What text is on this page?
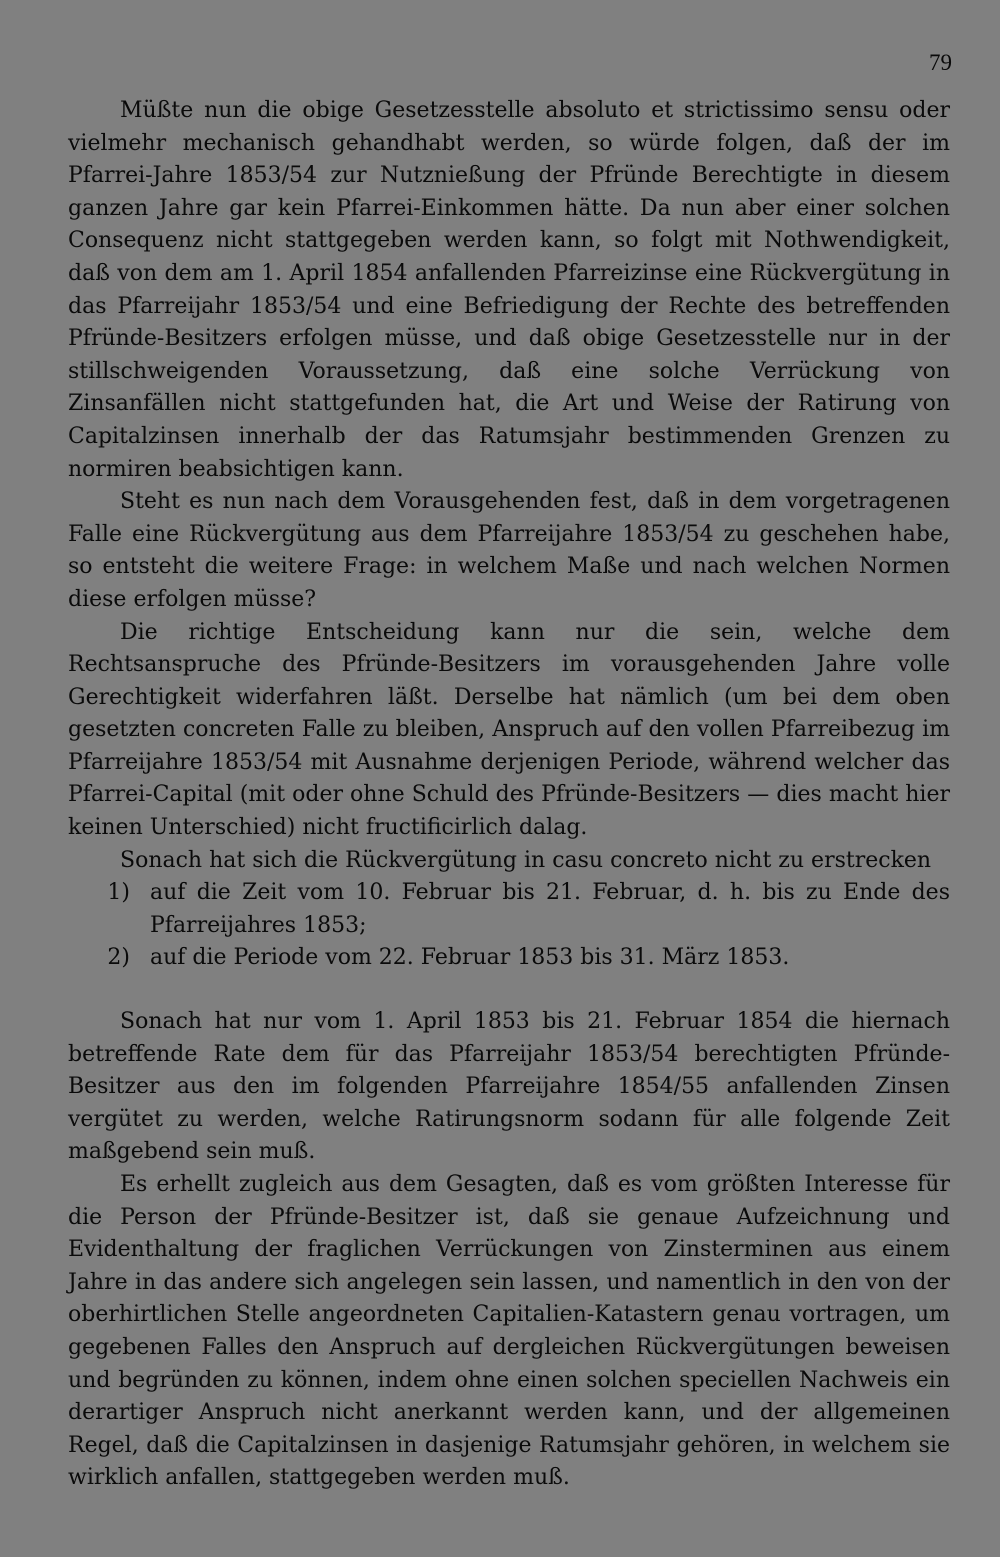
79

Müßte nun die obige Gesetzesstelle absoluto et strictissimo sensu oder vielmehr mechanisch gehandhabt werden, so würde folgen, daß der im Pfarrei-Jahre 1853/54 zur Nutznießung der Pfründe Berechtigte in diesem ganzen Jahre gar kein Pfarrei-Einkommen hätte. Da nun aber einer solchen Consequenz nicht stattgegeben werden kann, so folgt mit Nothwendigkeit, daß von dem am 1. April 1854 anfallenden Pfarreizinse eine Rückvergütung in das Pfarreijahr 1853/54 und eine Befriedigung der Rechte des betreffenden Pfründe-Besitzers erfolgen müsse, und daß obige Gesetzesstelle nur in der stillschweigenden Voraussetzung, daß eine solche Verrückung von Zinsanfällen nicht stattgefunden hat, die Art und Weise der Ratirung von Capitalzinsen innerhalb der das Ratumsjahr bestimmenden Grenzen zu normiren beabsichtigen kann.

Steht es nun nach dem Vorausgehenden fest, daß in dem vorgetragenen Falle eine Rückvergütung aus dem Pfarreijahre 1853/54 zu geschehen habe, so entsteht die weitere Frage: in welchem Maße und nach welchen Normen diese erfolgen müsse?

Die richtige Entscheidung kann nur die sein, welche dem Rechtsanspruche des Pfründe-Besitzers im vorausgehenden Jahre volle Gerechtigkeit widerfahren läßt. Derselbe hat nämlich (um bei dem oben gesetzten concreten Falle zu bleiben, Anspruch auf den vollen Pfarreibezug im Pfarreijahre 1853/54 mit Ausnahme derjenigen Periode, während welcher das Pfarrei-Capital (mit oder ohne Schuld des Pfründe-Besitzers — dies macht hier keinen Unterschied) nicht fructificirlich dalag.

Sonach hat sich die Rückvergütung in casu concreto nicht zu erstrecken

1) auf die Zeit vom 10. Februar bis 21. Februar, d. h. bis zu Ende des Pfarreijahres 1853;
2) auf die Periode vom 22. Februar 1853 bis 31. März 1853.

Sonach hat nur vom 1. April 1853 bis 21. Februar 1854 die hiernach betreffende Rate dem für das Pfarreijahr 1853/54 berechtigten Pfründe-Besitzer aus den im folgenden Pfarreijahre 1854/55 anfallenden Zinsen vergütet zu werden, welche Ratirungsnorm sodann für alle folgende Zeit maßgebend sein muß.

Es erhellt zugleich aus dem Gesagten, daß es vom größten Interesse für die Person der Pfründe-Besitzer ist, daß sie genaue Aufzeichnung und Evidenthaltung der fraglichen Verrückungen von Zinsterminen aus einem Jahre in das andere sich angelegen sein lassen, und namentlich in den von der oberhirtlichen Stelle angeordneten Capitalien-Katastern genau vortragen, um gegebenen Falles den Anspruch auf dergleichen Rückvergütungen beweisen und begründen zu können, indem ohne einen solchen speciellen Nachweis ein derartiger Anspruch nicht anerkannt werden kann, und der allgemeinen Regel, daß die Capitalzinsen in dasjenige Ratumsjahr gehören, in welchem sie wirklich anfallen, stattgegeben werden muß.
